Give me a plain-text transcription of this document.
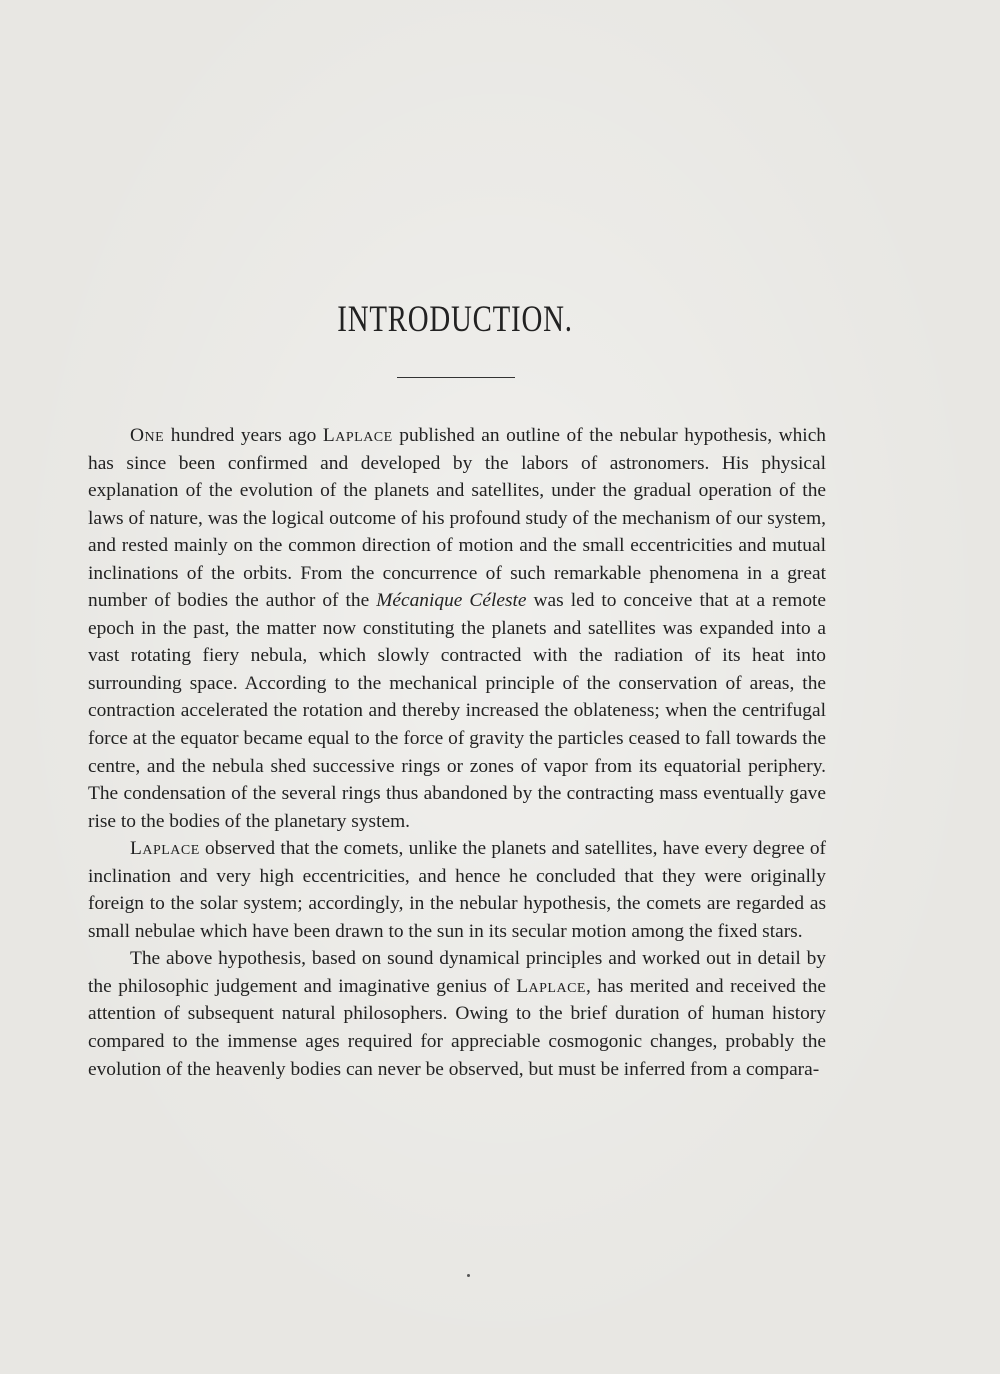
INTRODUCTION.

One hundred years ago Laplace published an outline of the nebular hypothesis, which has since been confirmed and developed by the labors of astronomers. His physical explanation of the evolution of the planets and satellites, under the gradual operation of the laws of nature, was the logical outcome of his profound study of the mechanism of our system, and rested mainly on the common direction of motion and the small eccentricities and mutual inclinations of the orbits. From the concurrence of such remarkable phenomena in a great number of bodies the author of the Mécanique Céleste was led to conceive that at a remote epoch in the past, the matter now constituting the planets and satellites was expanded into a vast rotating fiery nebula, which slowly contracted with the radiation of its heat into surrounding space. According to the mechanical principle of the conservation of areas, the contraction accelerated the rotation and thereby increased the oblateness; when the centrifugal force at the equator became equal to the force of gravity the particles ceased to fall towards the centre, and the nebula shed successive rings or zones of vapor from its equatorial periphery. The condensation of the several rings thus abandoned by the contracting mass eventually gave rise to the bodies of the planetary system.

Laplace observed that the comets, unlike the planets and satellites, have every degree of inclination and very high eccentricities, and hence he concluded that they were originally foreign to the solar system; accordingly, in the nebular hypothesis, the comets are regarded as small nebulae which have been drawn to the sun in its secular motion among the fixed stars.

The above hypothesis, based on sound dynamical principles and worked out in detail by the philosophic judgement and imaginative genius of Laplace, has merited and received the attention of subsequent natural philosophers. Owing to the brief duration of human history compared to the immense ages required for appreciable cosmogonic changes, probably the evolution of the heavenly bodies can never be observed, but must be inferred from a compara-
